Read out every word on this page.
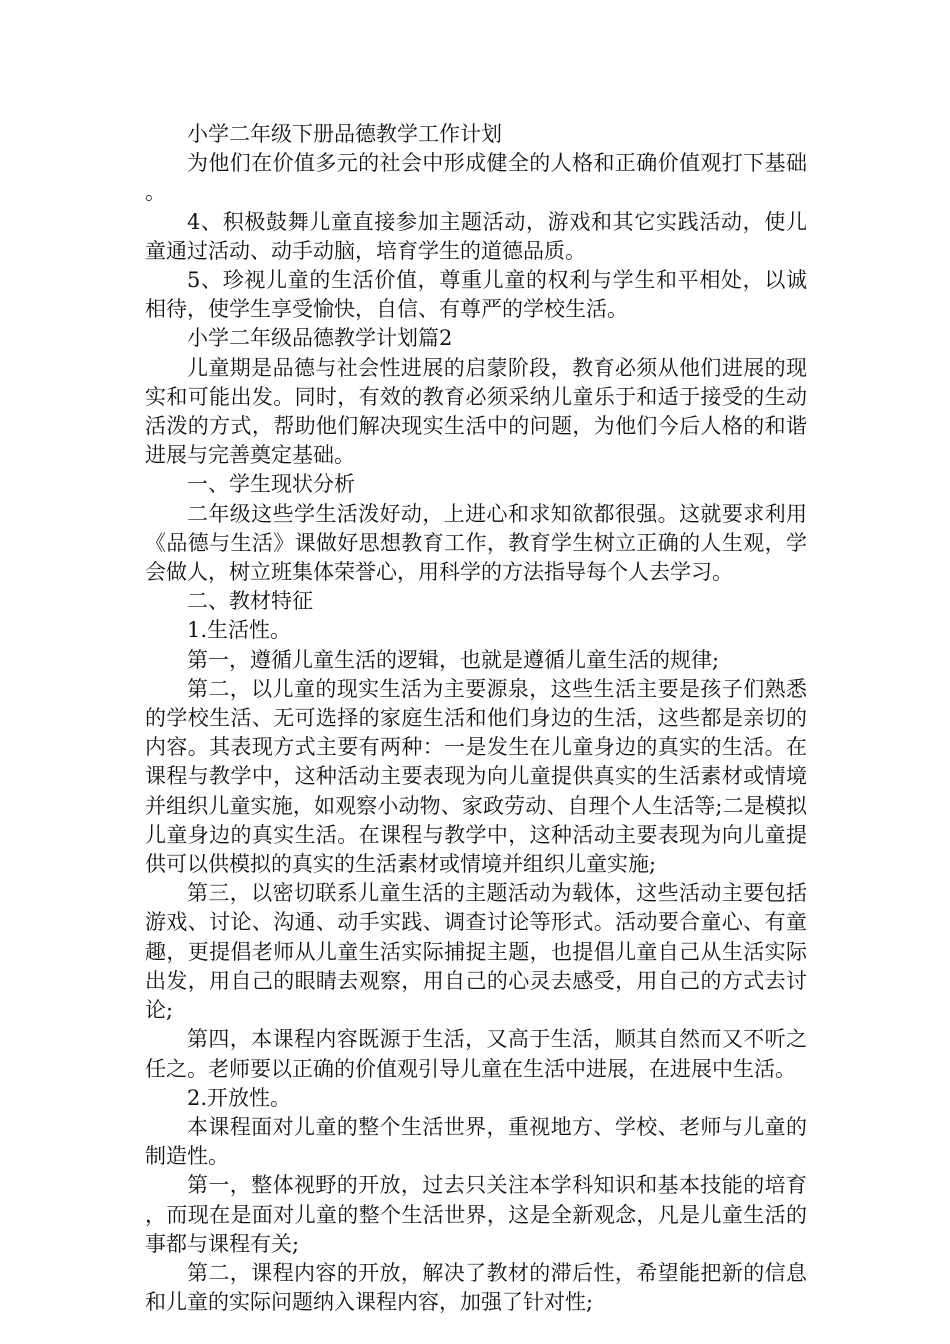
小学二年级下册品德教学工作计划

为他们在价值多元的社会中形成健全的人格和正确价值观打下基础。

4、积极鼓舞儿童直接参加主题活动，游戏和其它实践活动，使儿童通过活动、动手动脑，培育学生的道德品质。

5、珍视儿童的生活价值，尊重儿童的权利与学生和平相处，以诚相待，使学生享受愉快，自信、有尊严的学校生活。

小学二年级品德教学计划篇2

儿童期是品德与社会性进展的启蒙阶段，教育必须从他们进展的现实和可能出发。同时，有效的教育必须采纳儿童乐于和适于接受的生动活泼的方式，帮助他们解决现实生活中的问题，为他们今后人格的和谐进展与完善奠定基础。

一、学生现状分析

二年级这些学生活泼好动，上进心和求知欲都很强。这就要求利用《品德与生活》课做好思想教育工作，教育学生树立正确的人生观，学会做人，树立班集体荣誉心，用科学的方法指导每个人去学习。

二、教材特征

1.生活性。

第一，遵循儿童生活的逻辑，也就是遵循儿童生活的规律;

第二，以儿童的现实生活为主要源泉，这些生活主要是孩子们熟悉的学校生活、无可选择的家庭生活和他们身边的生活，这些都是亲切的内容。其表现方式主要有两种：一是发生在儿童身边的真实的生活。在课程与教学中，这种活动主要表现为向儿童提供真实的生活素材或情境并组织儿童实施，如观察小动物、家政劳动、自理个人生活等;二是模拟儿童身边的真实生活。在课程与教学中，这种活动主要表现为向儿童提供可以供模拟的真实的生活素材或情境并组织儿童实施;

第三，以密切联系儿童生活的主题活动为载体，这些活动主要包括游戏、讨论、沟通、动手实践、调查讨论等形式。活动要合童心、有童趣，更提倡老师从儿童生活实际捕捉主题，也提倡儿童自己从生活实际出发，用自己的眼睛去观察，用自己的心灵去感受，用自己的方式去讨论;

第四，本课程内容既源于生活，又高于生活，顺其自然而又不听之任之。老师要以正确的价值观引导儿童在生活中进展，在进展中生活。

2.开放性。

本课程面对儿童的整个生活世界，重视地方、学校、老师与儿童的制造性。

第一，整体视野的开放，过去只关注本学科知识和基本技能的培育，而现在是面对儿童的整个生活世界，这是全新观念，凡是儿童生活的事都与课程有关;

第二，课程内容的开放，解决了教材的滞后性，希望能把新的信息和儿童的实际问题纳入课程内容，加强了针对性;
